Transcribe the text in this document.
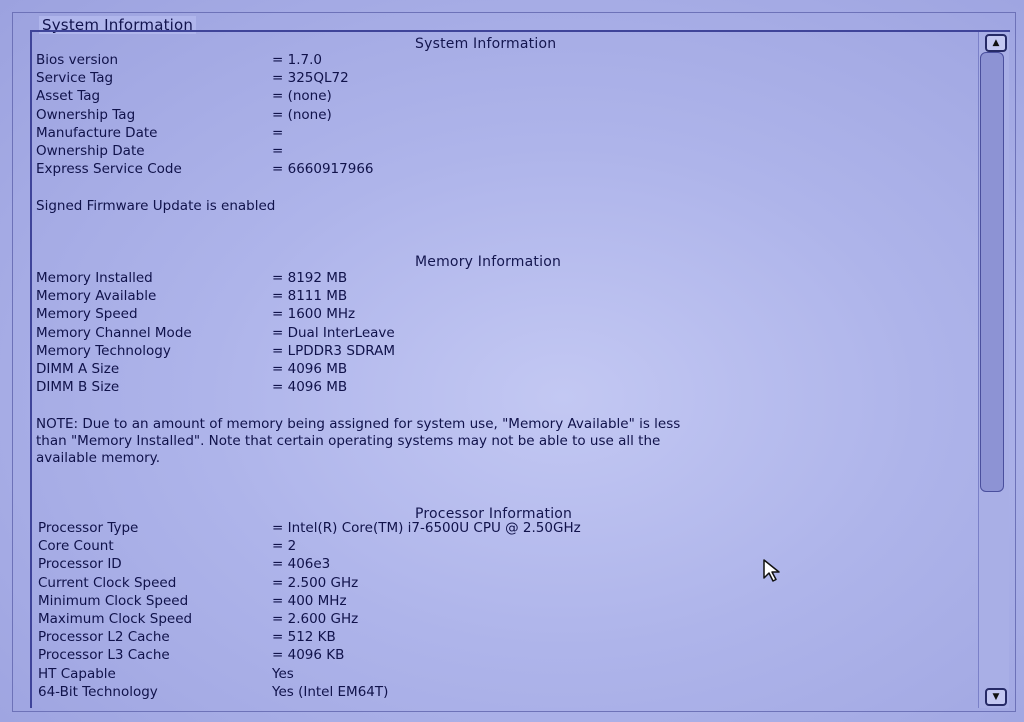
System Information
▲
▼
System Information
Bios version	= 1.7.0
Service Tag	= 325QL72
Asset Tag	= (none)
Ownership Tag	= (none)
Manufacture Date	=
Ownership Date	=
Express Service Code	= 6660917966
Signed Firmware Update is enabled
Memory Information
Memory Installed	= 8192 MB
Memory Available	= 8111 MB
Memory Speed	= 1600 MHz
Memory Channel Mode	= Dual InterLeave
Memory Technology	= LPDDR3 SDRAM
DIMM A Size	= 4096 MB
DIMM B Size	= 4096 MB
NOTE: Due to an amount of memory being assigned for system use, "Memory Available" is less
than "Memory Installed". Note that certain operating systems may not be able to use all the
available memory.
Processor Information
Processor Type	= Intel(R) Core(TM) i7-6500U CPU @ 2.50GHz
Core Count	= 2
Processor ID	= 406e3
Current Clock Speed	= 2.500 GHz
Minimum Clock Speed	= 400 MHz
Maximum Clock Speed	= 2.600 GHz
Processor L2 Cache	= 512 KB
Processor L3 Cache	= 4096 KB
HT Capable	Yes
64-Bit Technology	Yes (Intel EM64T)
